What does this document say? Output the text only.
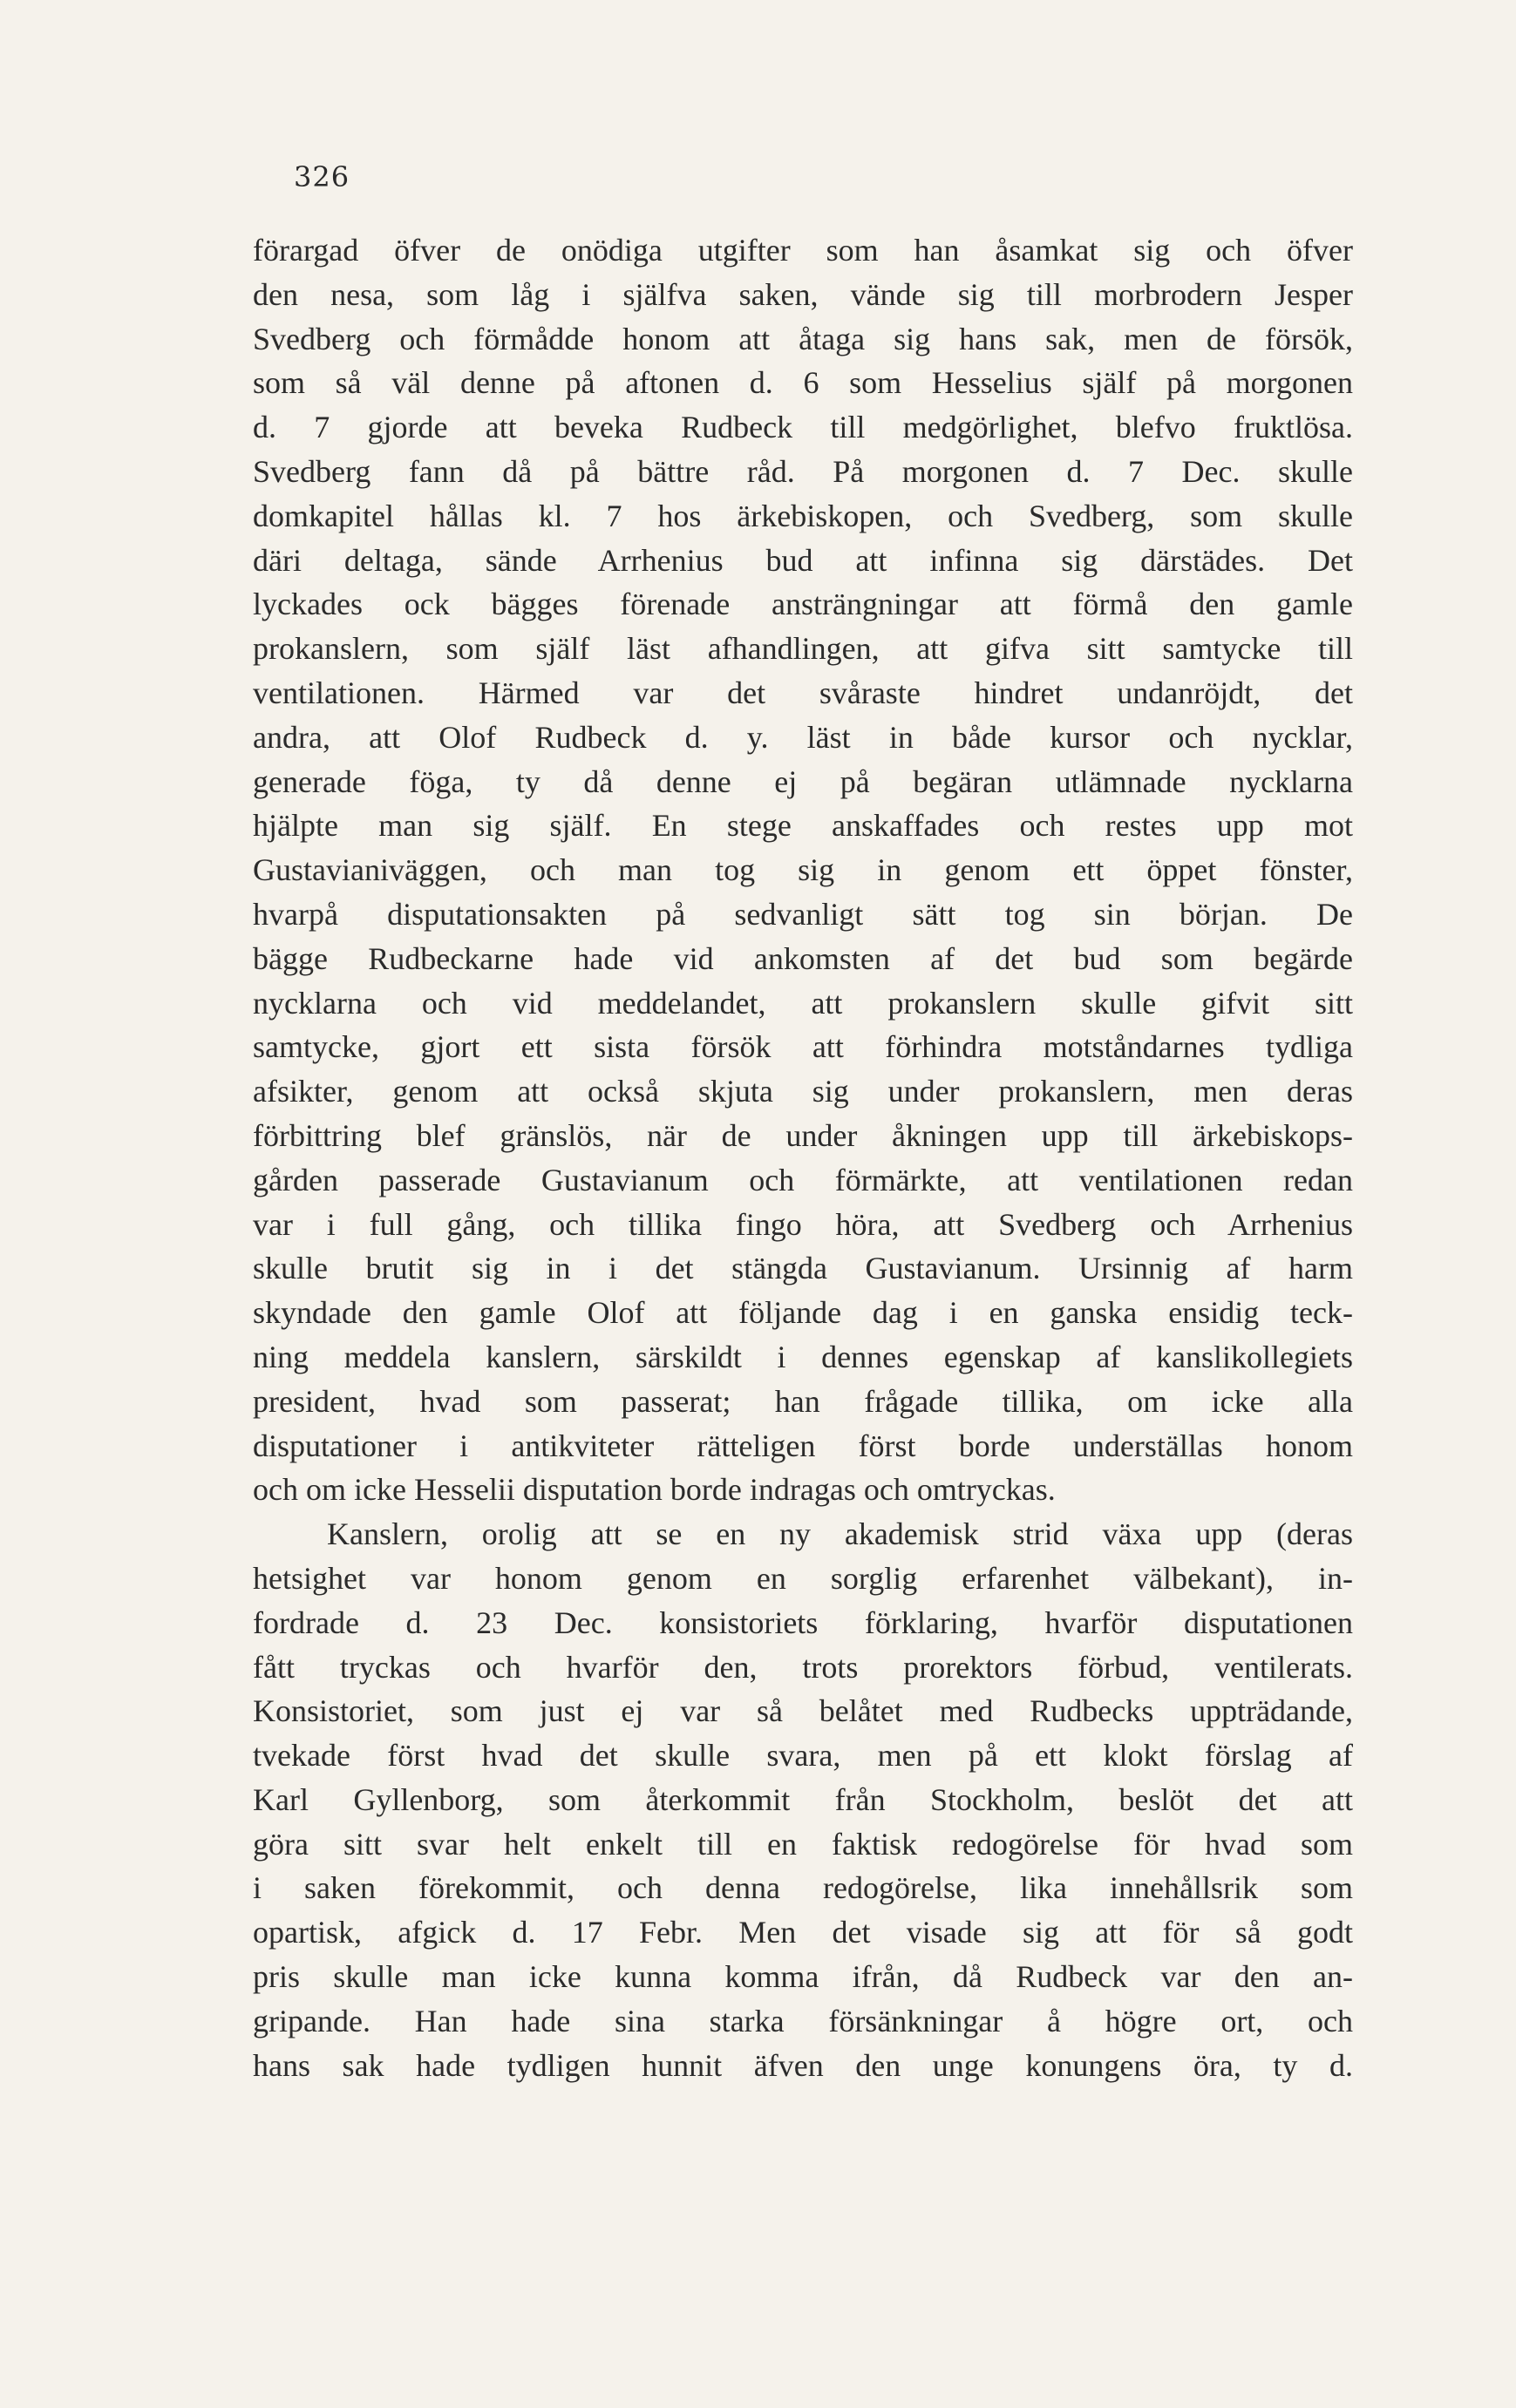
326
förargad öfver de onödiga utgifter som han åsamkat sig och öfver
den nesa, som låg i själfva saken, vände sig till morbrodern Jesper
Svedberg och förmådde honom att åtaga sig hans sak, men de försök,
som så väl denne på aftonen d. 6 som Hesselius själf på morgonen
d. 7 gjorde att beveka Rudbeck till medgörlighet, blefvo fruktlösa.
Svedberg fann då på bättre råd. På morgonen d. 7 Dec. skulle
domkapitel hållas kl. 7 hos ärkebiskopen, och Svedberg, som skulle
däri deltaga, sände Arrhenius bud att infinna sig därstädes. Det
lyckades ock bägges förenade ansträngningar att förmå den gamle
prokanslern, som själf läst afhandlingen, att gifva sitt samtycke till
ventilationen. Härmed var det svåraste hindret undanröjdt, det
andra, att Olof Rudbeck d. y. läst in både kursor och nycklar,
generade föga, ty då denne ej på begäran utlämnade nycklarna
hjälpte man sig själf. En stege anskaffades och restes upp mot
Gustavianiväggen, och man tog sig in genom ett öppet fönster,
hvarpå disputationsakten på sedvanligt sätt tog sin början. De
bägge Rudbeckarne hade vid ankomsten af det bud som begärde
nycklarna och vid meddelandet, att prokanslern skulle gifvit sitt
samtycke, gjort ett sista försök att förhindra motståndarnes tydliga
afsikter, genom att också skjuta sig under prokanslern, men deras
förbittring blef gränslös, när de under åkningen upp till ärkebiskops-
gården passerade Gustavianum och förmärkte, att ventilationen redan
var i full gång, och tillika fingo höra, att Svedberg och Arrhenius
skulle brutit sig in i det stängda Gustavianum. Ursinnig af harm
skyndade den gamle Olof att följande dag i en ganska ensidig teck-
ning meddela kanslern, särskildt i dennes egenskap af kanslikollegiets
president, hvad som passerat; han frågade tillika, om icke alla
disputationer i antikviteter rätteligen först borde underställas honom
och om icke Hesselii disputation borde indragas och omtryckas.
Kanslern, orolig att se en ny akademisk strid växa upp (deras
hetsighet var honom genom en sorglig erfarenhet välbekant), in-
fordrade d. 23 Dec. konsistoriets förklaring, hvarför disputationen
fått tryckas och hvarför den, trots prorektors förbud, ventilerats.
Konsistoriet, som just ej var så belåtet med Rudbecks uppträdande,
tvekade först hvad det skulle svara, men på ett klokt förslag af
Karl Gyllenborg, som återkommit från Stockholm, beslöt det att
göra sitt svar helt enkelt till en faktisk redogörelse för hvad som
i saken förekommit, och denna redogörelse, lika innehållsrik som
opartisk, afgick d. 17 Febr. Men det visade sig att för så godt
pris skulle man icke kunna komma ifrån, då Rudbeck var den an-
gripande. Han hade sina starka försänkningar å högre ort, och
hans sak hade tydligen hunnit äfven den unge konungens öra, ty d.
